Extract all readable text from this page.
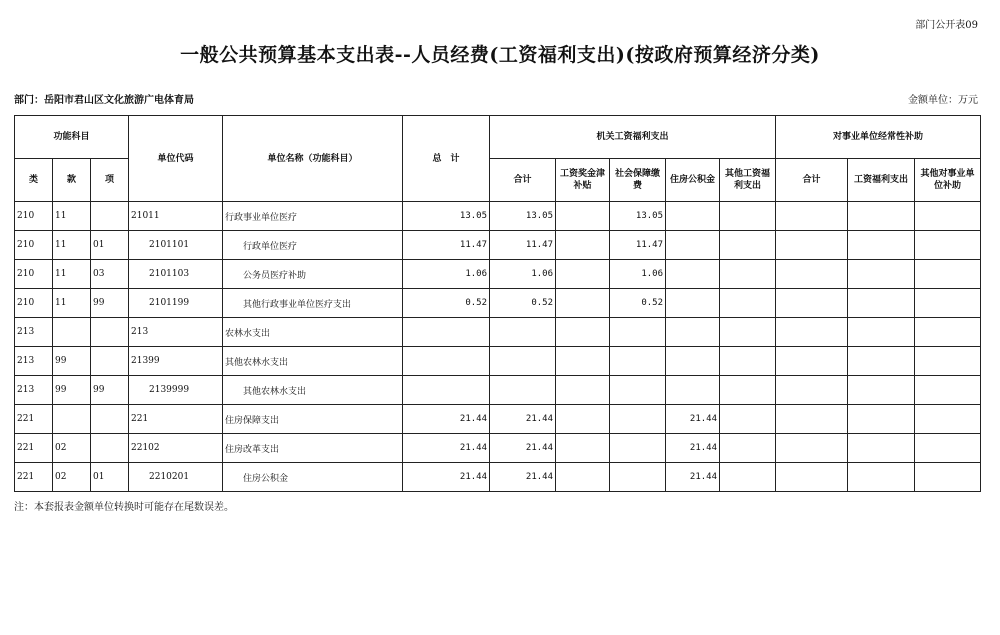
部门公开表09
一般公共预算基本支出表--人员经费(工资福利支出)(按政府预算经济分类)
部门：岳阳市君山区文化旅游广电体育局	金额单位：万元
功能科目			单位代码	单位名称（功能科目）	总　计	机关工资福利支出					对事业单位经常性补助		
类	款	项				合计	工资奖金津补贴	社会保障缴费	住房公积金	其他工资福利支出	合计	工资福利支出	其他对事业单位补助
210	11		21011	行政事业单位医疗	13.05	13.05		13.05					
210	11	01	2101101	行政单位医疗	11.47	11.47		11.47					
210	11	03	2101103	公务员医疗补助	1.06	1.06		1.06					
210	11	99	2101199	其他行政事业单位医疗支出	0.52	0.52		0.52					
213			213	农林水支出									
213	99		21399	其他农林水支出									
213	99	99	2139999	其他农林水支出									
221			221	住房保障支出	21.44	21.44			21.44				
221	02		22102	住房改革支出	21.44	21.44			21.44				
221	02	01	2210201	住房公积金	21.44	21.44			21.44				
注：本套报表金额单位转换时可能存在尾数误差。
